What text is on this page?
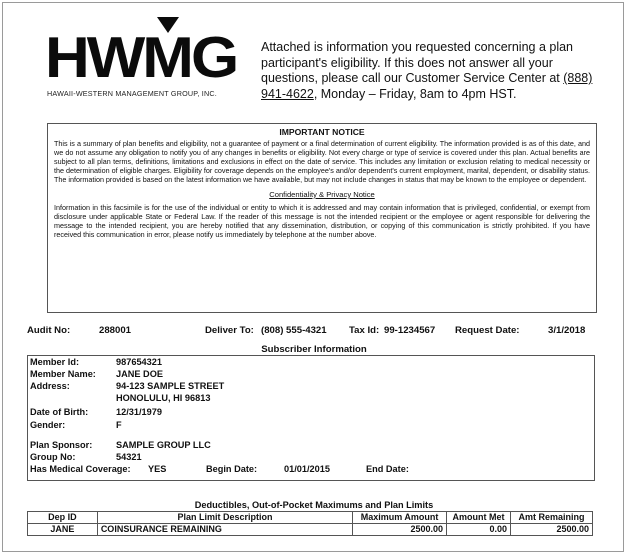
HWMG
HAWAII-WESTERN MANAGEMENT GROUP, INC.
Attached is information you requested concerning a plan participant's eligibility. If this does not answer all your questions, please call our Customer Service Center at (888) 941-4622, Monday – Friday, 8am to 4pm HST.
IMPORTANT NOTICE

This is a summary of plan benefits and eligibility, not a guarantee of payment or a final determination of current eligibility. The information provided is as of this date, and we do not assume any obligation to notify you of any changes in benefits or eligibility. Not every charge or type of service is covered under this plan. Actual benefits are subject to all plan terms, definitions, limitations and exclusions in effect on the date of service. This includes any limitation or exclusion relating to medical necessity or the determination of eligible charges. Eligibility for coverage depends on the employee's and/or dependent's current employment, marital, dependent, or disability status. The information provided is based on the latest information we have available, but may not include changes in status that may be known to the employee or dependent.

Confidentiality & Privacy Notice

Information in this facsimile is for the use of the individual or entity to which it is addressed and may contain information that is privileged, confidential, or exempt from disclosure under applicable State or Federal Law. If the reader of this message is not the intended recipient or the employee or agent responsible for delivering the message to the intended recipient, you are hereby notified that any dissemination, distribution, or copying of this communication is strictly prohibited. If you have received this communication in error, please notify us immediately by telephone at the number above.

Audit No:	288001	Deliver To: (808) 555-4321 Tax Id: 99-1234567 Request Date:	3/1/2018
Subscriber Information
Member Id:	987654321
Member Name: JANE DOE
Address:	94-123 SAMPLE STREET
HONOLULU, HI 96813
Date of Birth:	12/31/1979
Gender:	F
Plan Sponsor:	SAMPLE GROUP LLC
Group No:	54321
Has Medical Coverage: YES	Begin Date:	01/01/2015	End Date:
Deductibles, Out-of-Pocket Maximums and Plan Limits
Dep ID	Plan Limit Description	Maximum Amount	Amount Met	Amt Remaining
JANE	COINSURANCE REMAINING	2500.00	0.00	2500.00
